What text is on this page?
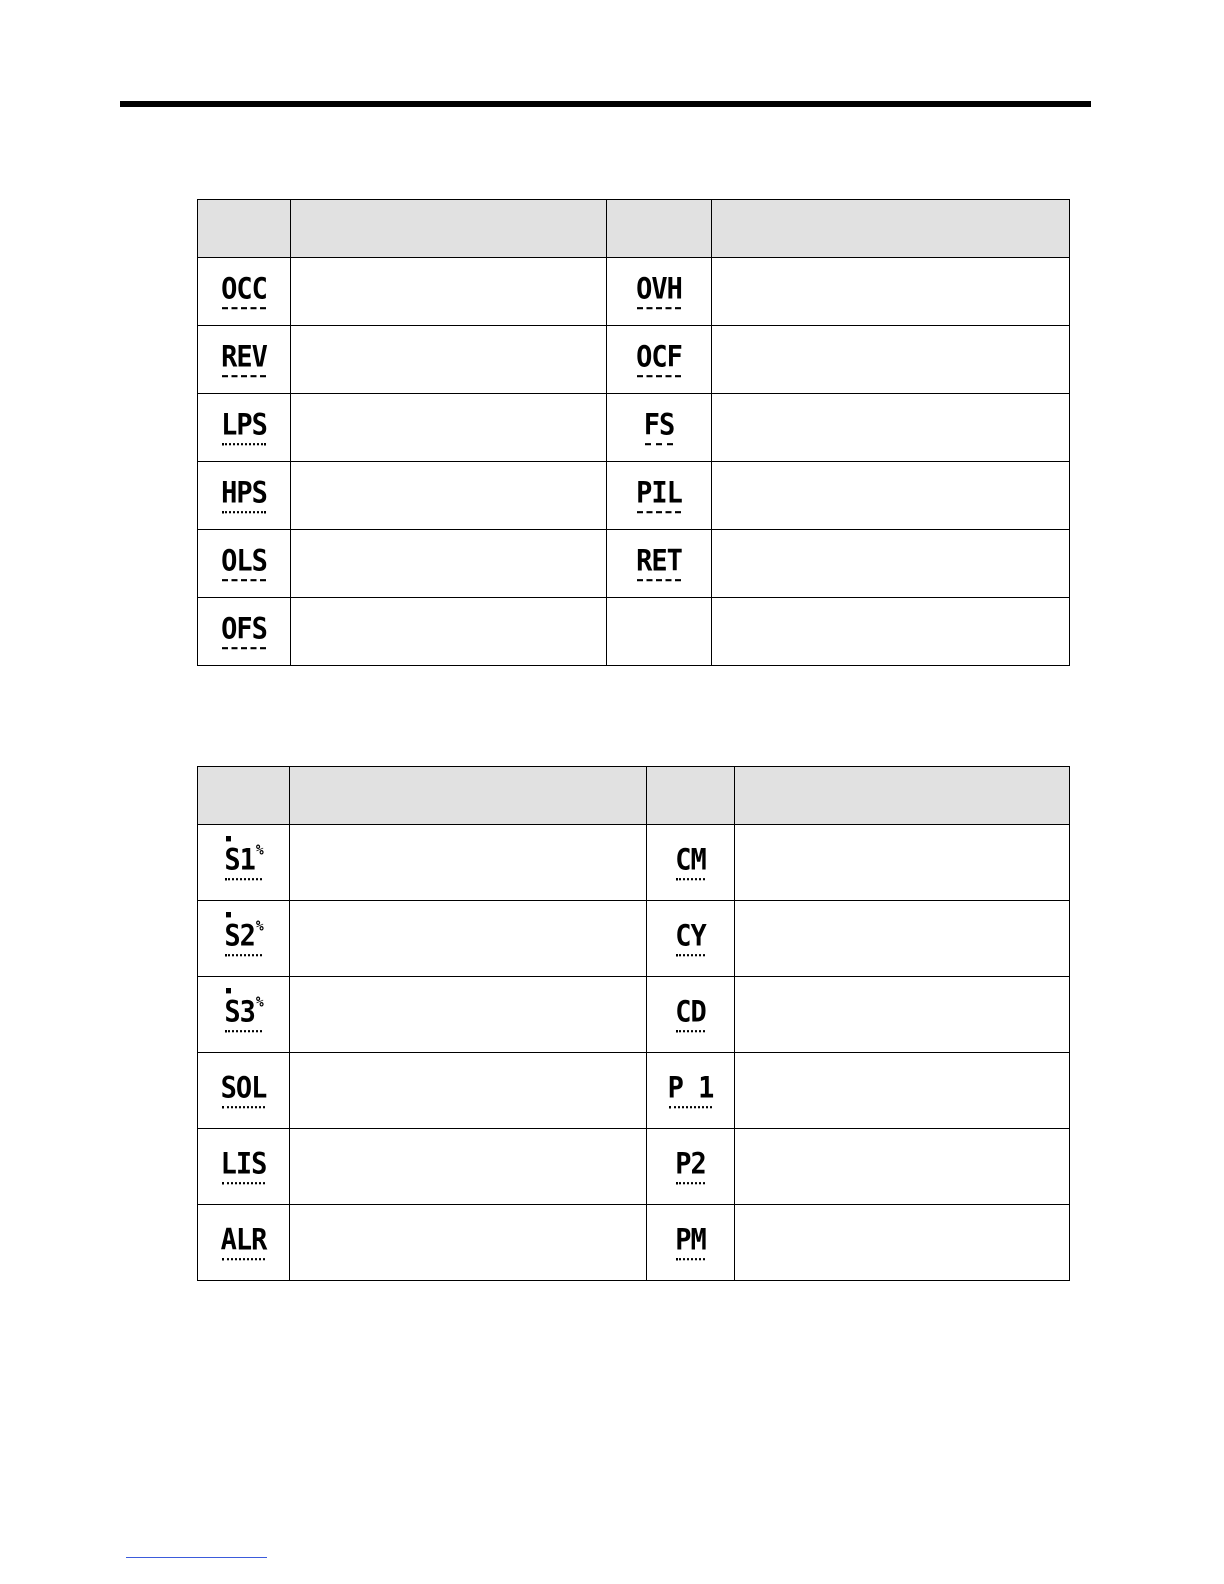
OCC		OVH	
REV		OCF	
LPS		FS	
HPS		PIL	
OLS		RET	
OFS			

S1%		CM	

S2%		CY	

S3%		CD	
SOL		P 1	
LIS		P2	
ALR		PM	
